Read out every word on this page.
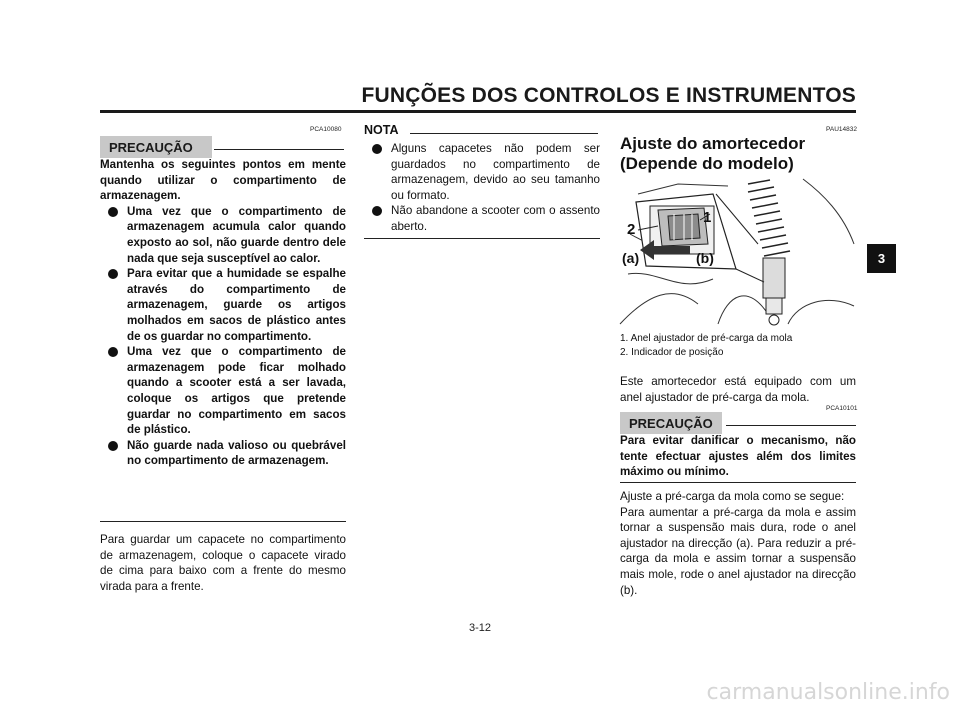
FUNÇÕES DOS CONTROLOS E INSTRUMENTOS
3
PCA10080
PRECAUÇÃO

Mantenha os seguintes pontos em mente quando utilizar o compartimento de armazenagem.

Uma vez que o compartimento de armazenagem acumula calor quando exposto ao sol, não guarde dentro dele nada que seja susceptível ao calor.
Para evitar que a humidade se espalhe através do compartimento de armazenagem, guarde os artigos molhados em sacos de plástico antes de os guardar no compartimento.
Uma vez que o compartimento de armazenagem pode ficar molhado quando a scooter está a ser lavada, coloque os artigos que pretende guardar no compartimento em sacos de plástico.
Não guarde nada valioso ou quebrável no compartimento de armazenagem.
Para guardar um capacete no compartimento de armazenagem, coloque o capacete virado de cima para baixo com a frente do mesmo virada para a frente.
NOTA
Alguns capacetes não podem ser guardados no compartimento de armazenagem, devido ao seu tamanho ou formato.
Não abandone a scooter com o assento aberto.
PAU14832
Ajuste do amortecedor
(Depende do modelo)
1
2
(a)	(b)
1. Anel ajustador de pré-carga da mola
2. Indicador de posição
Este amortecedor está equipado com um anel ajustador de pré-carga da mola.
PCA10101
PRECAUÇÃO
Para evitar danificar o mecanismo, não tente efectuar ajustes além dos limites máximo ou mínimo.

Ajuste a pré-carga da mola como se segue:

Para aumentar a pré-carga da mola e assim tornar a suspensão mais dura, rode o anel ajustador na direcção (a). Para reduzir a pré-carga da mola e assim tornar a suspensão mais mole, rode o anel ajustador na direcção (b).

3-12
carmanualsonline.info
